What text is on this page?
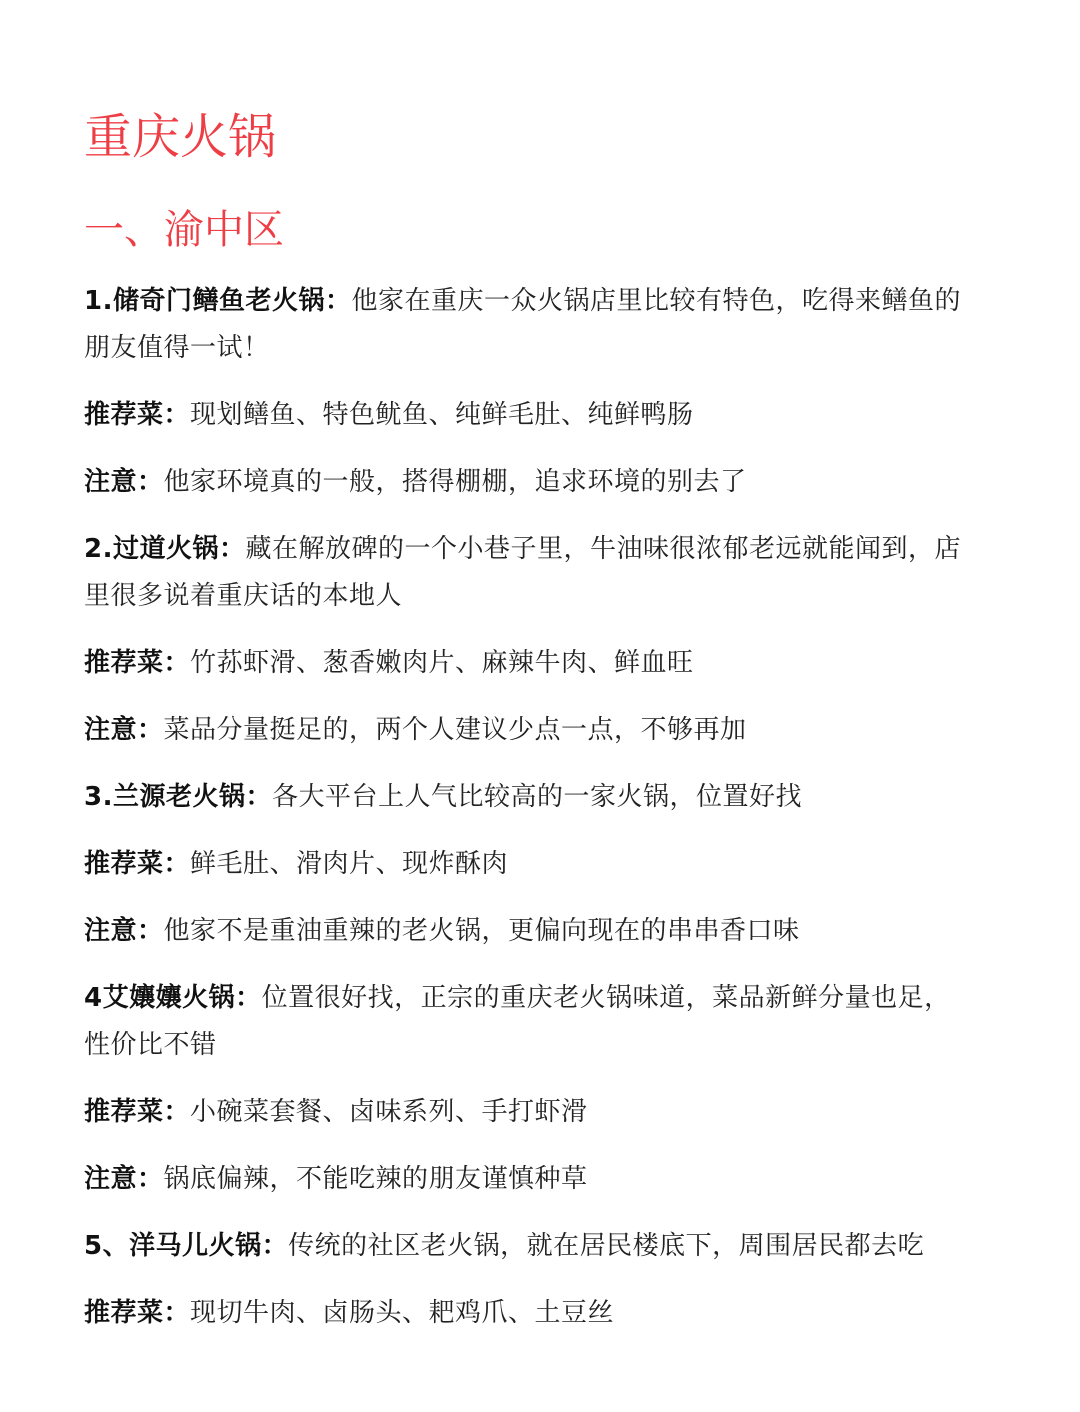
重庆火锅
一、渝中区

1.储奇门鳝鱼老火锅：他家在重庆一众火锅店里比较有特色，吃得来鳝鱼的朋友值得一试！

推荐菜：现划鳝鱼、特色鱿鱼、纯鲜毛肚、纯鲜鸭肠

注意：他家环境真的一般，搭得棚棚，追求环境的别去了

2.过道火锅：藏在解放碑的一个小巷子里，牛油味很浓郁老远就能闻到，店里很多说着重庆话的本地人

推荐菜：竹荪虾滑、葱香嫩肉片、麻辣牛肉、鲜血旺

注意：菜品分量挺足的，两个人建议少点一点，不够再加

3.兰源老火锅：各大平台上人气比较高的一家火锅，位置好找

推荐菜：鲜毛肚、滑肉片、现炸酥肉

注意：他家不是重油重辣的老火锅，更偏向现在的串串香口味

4艾孃孃火锅：位置很好找，正宗的重庆老火锅味道，菜品新鲜分量也足，性价比不错

推荐菜：小碗菜套餐、卤味系列、手打虾滑

注意：锅底偏辣，不能吃辣的朋友谨慎种草

5、洋马儿火锅：传统的社区老火锅，就在居民楼底下，周围居民都去吃

推荐菜：现切牛肉、卤肠头、耙鸡爪、土豆丝
